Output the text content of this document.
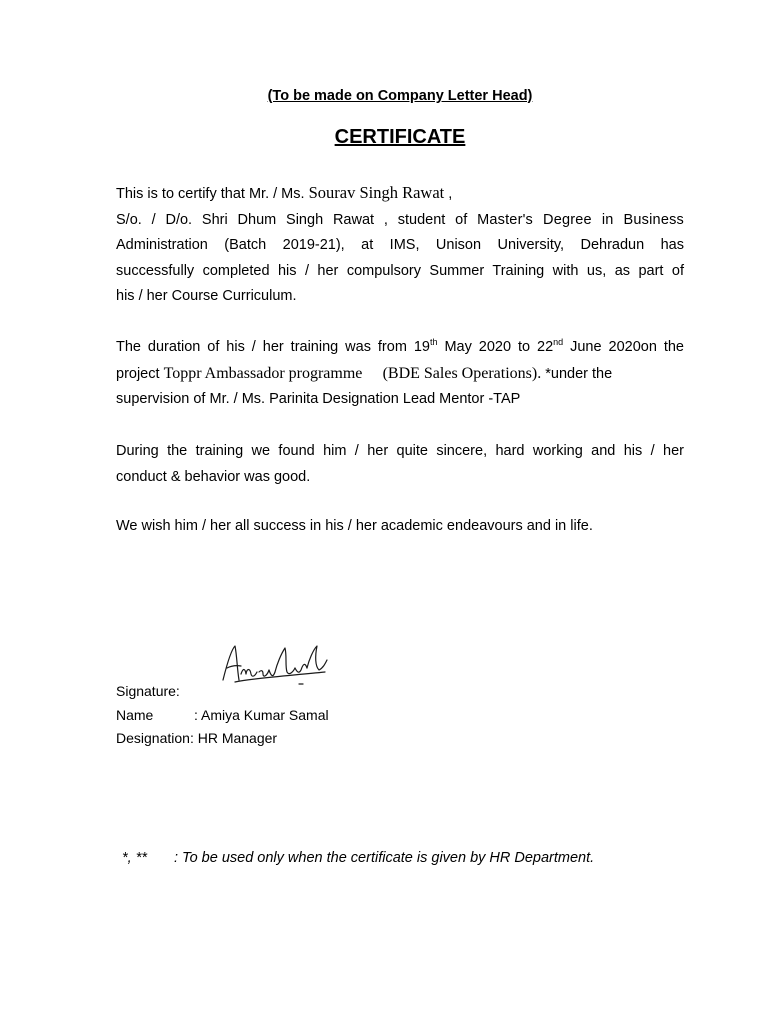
(To be made on Company Letter Head)
CERTIFICATE
This is to certify that Mr. / Ms. Sourav Singh Rawat ,
S/o. / D/o. Shri Dhum Singh Rawat , student of Master's Degree in Business
Administration (Batch 2019-21), at IMS, Unison University, Dehradun has
successfully completed his / her compulsory Summer Training with us, as part of
his / her Course Curriculum.
The duration of his / her training was from 19th May 2020 to 22nd June 2020on the
project Toppr Ambassador programme (BDE Sales Operations). *under the
supervision of Mr. / Ms. Parinita Designation Lead Mentor -TAP
During the training we found him / her quite sincere, hard working and his / her
conduct & behavior was good.
We wish him / her all success in his / her academic endeavours and in life.
Signature:
Name	: Amiya Kumar Samal
Designation: HR Manager
*, ** : To be used only when the certificate is given by HR Department.
